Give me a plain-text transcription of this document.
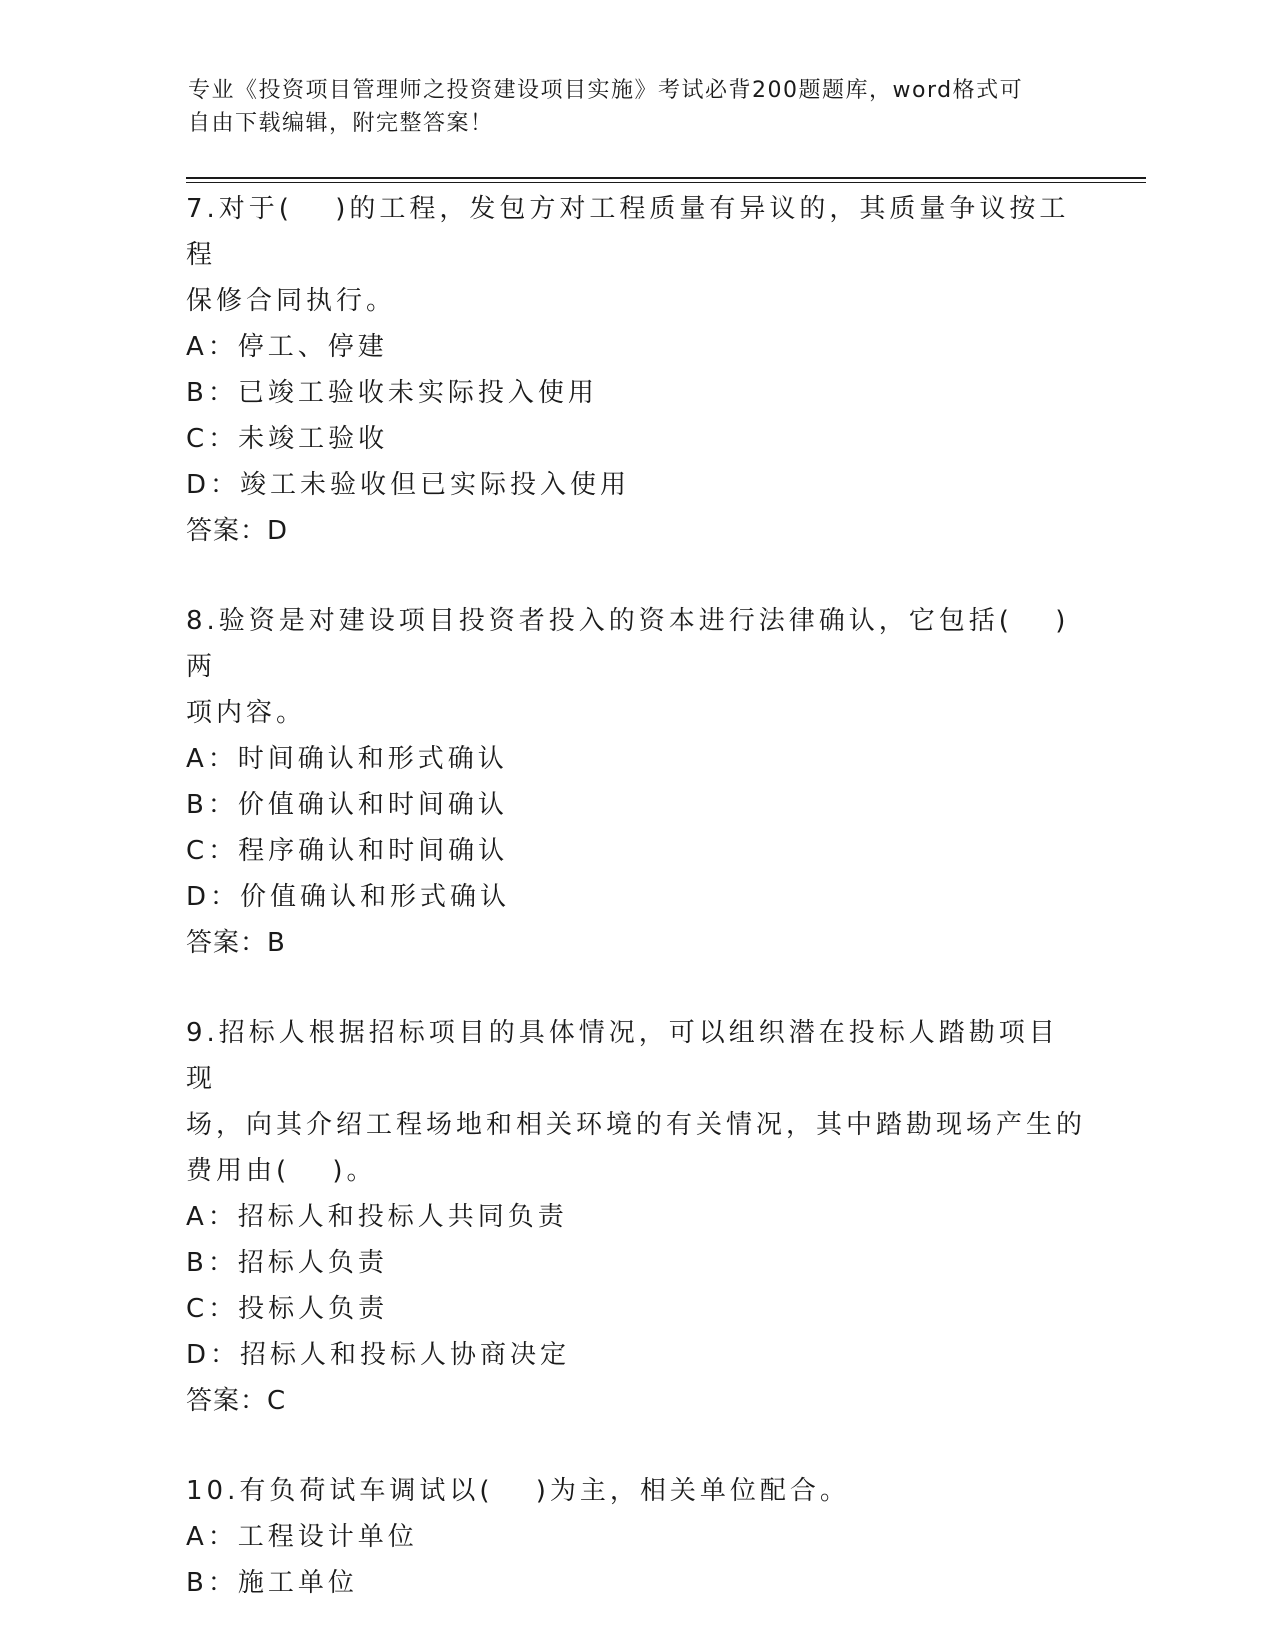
专业《投资项目管理师之投资建设项目实施》考试必背200题题库，word格式可
自由下载编辑，附完整答案！
7.对于(　 )的工程，发包方对工程质量有异议的，其质量争议按工程
保修合同执行。
A：停工、停建
B：已竣工验收未实际投入使用
C：未竣工验收
D：竣工未验收但已实际投入使用
答案：D
8.验资是对建设项目投资者投入的资本进行法律确认，它包括(　 )两
项内容。
A：时间确认和形式确认
B：价值确认和时间确认
C：程序确认和时间确认
D：价值确认和形式确认
答案：B
9.招标人根据招标项目的具体情况，可以组织潜在投标人踏勘项目现
场，向其介绍工程场地和相关环境的有关情况，其中踏勘现场产生的
费用由(　 )。
A：招标人和投标人共同负责
B：招标人负责
C：投标人负责
D：招标人和投标人协商决定
答案：C
10.有负荷试车调试以(　 )为主，相关单位配合。
A：工程设计单位
B：施工单位
